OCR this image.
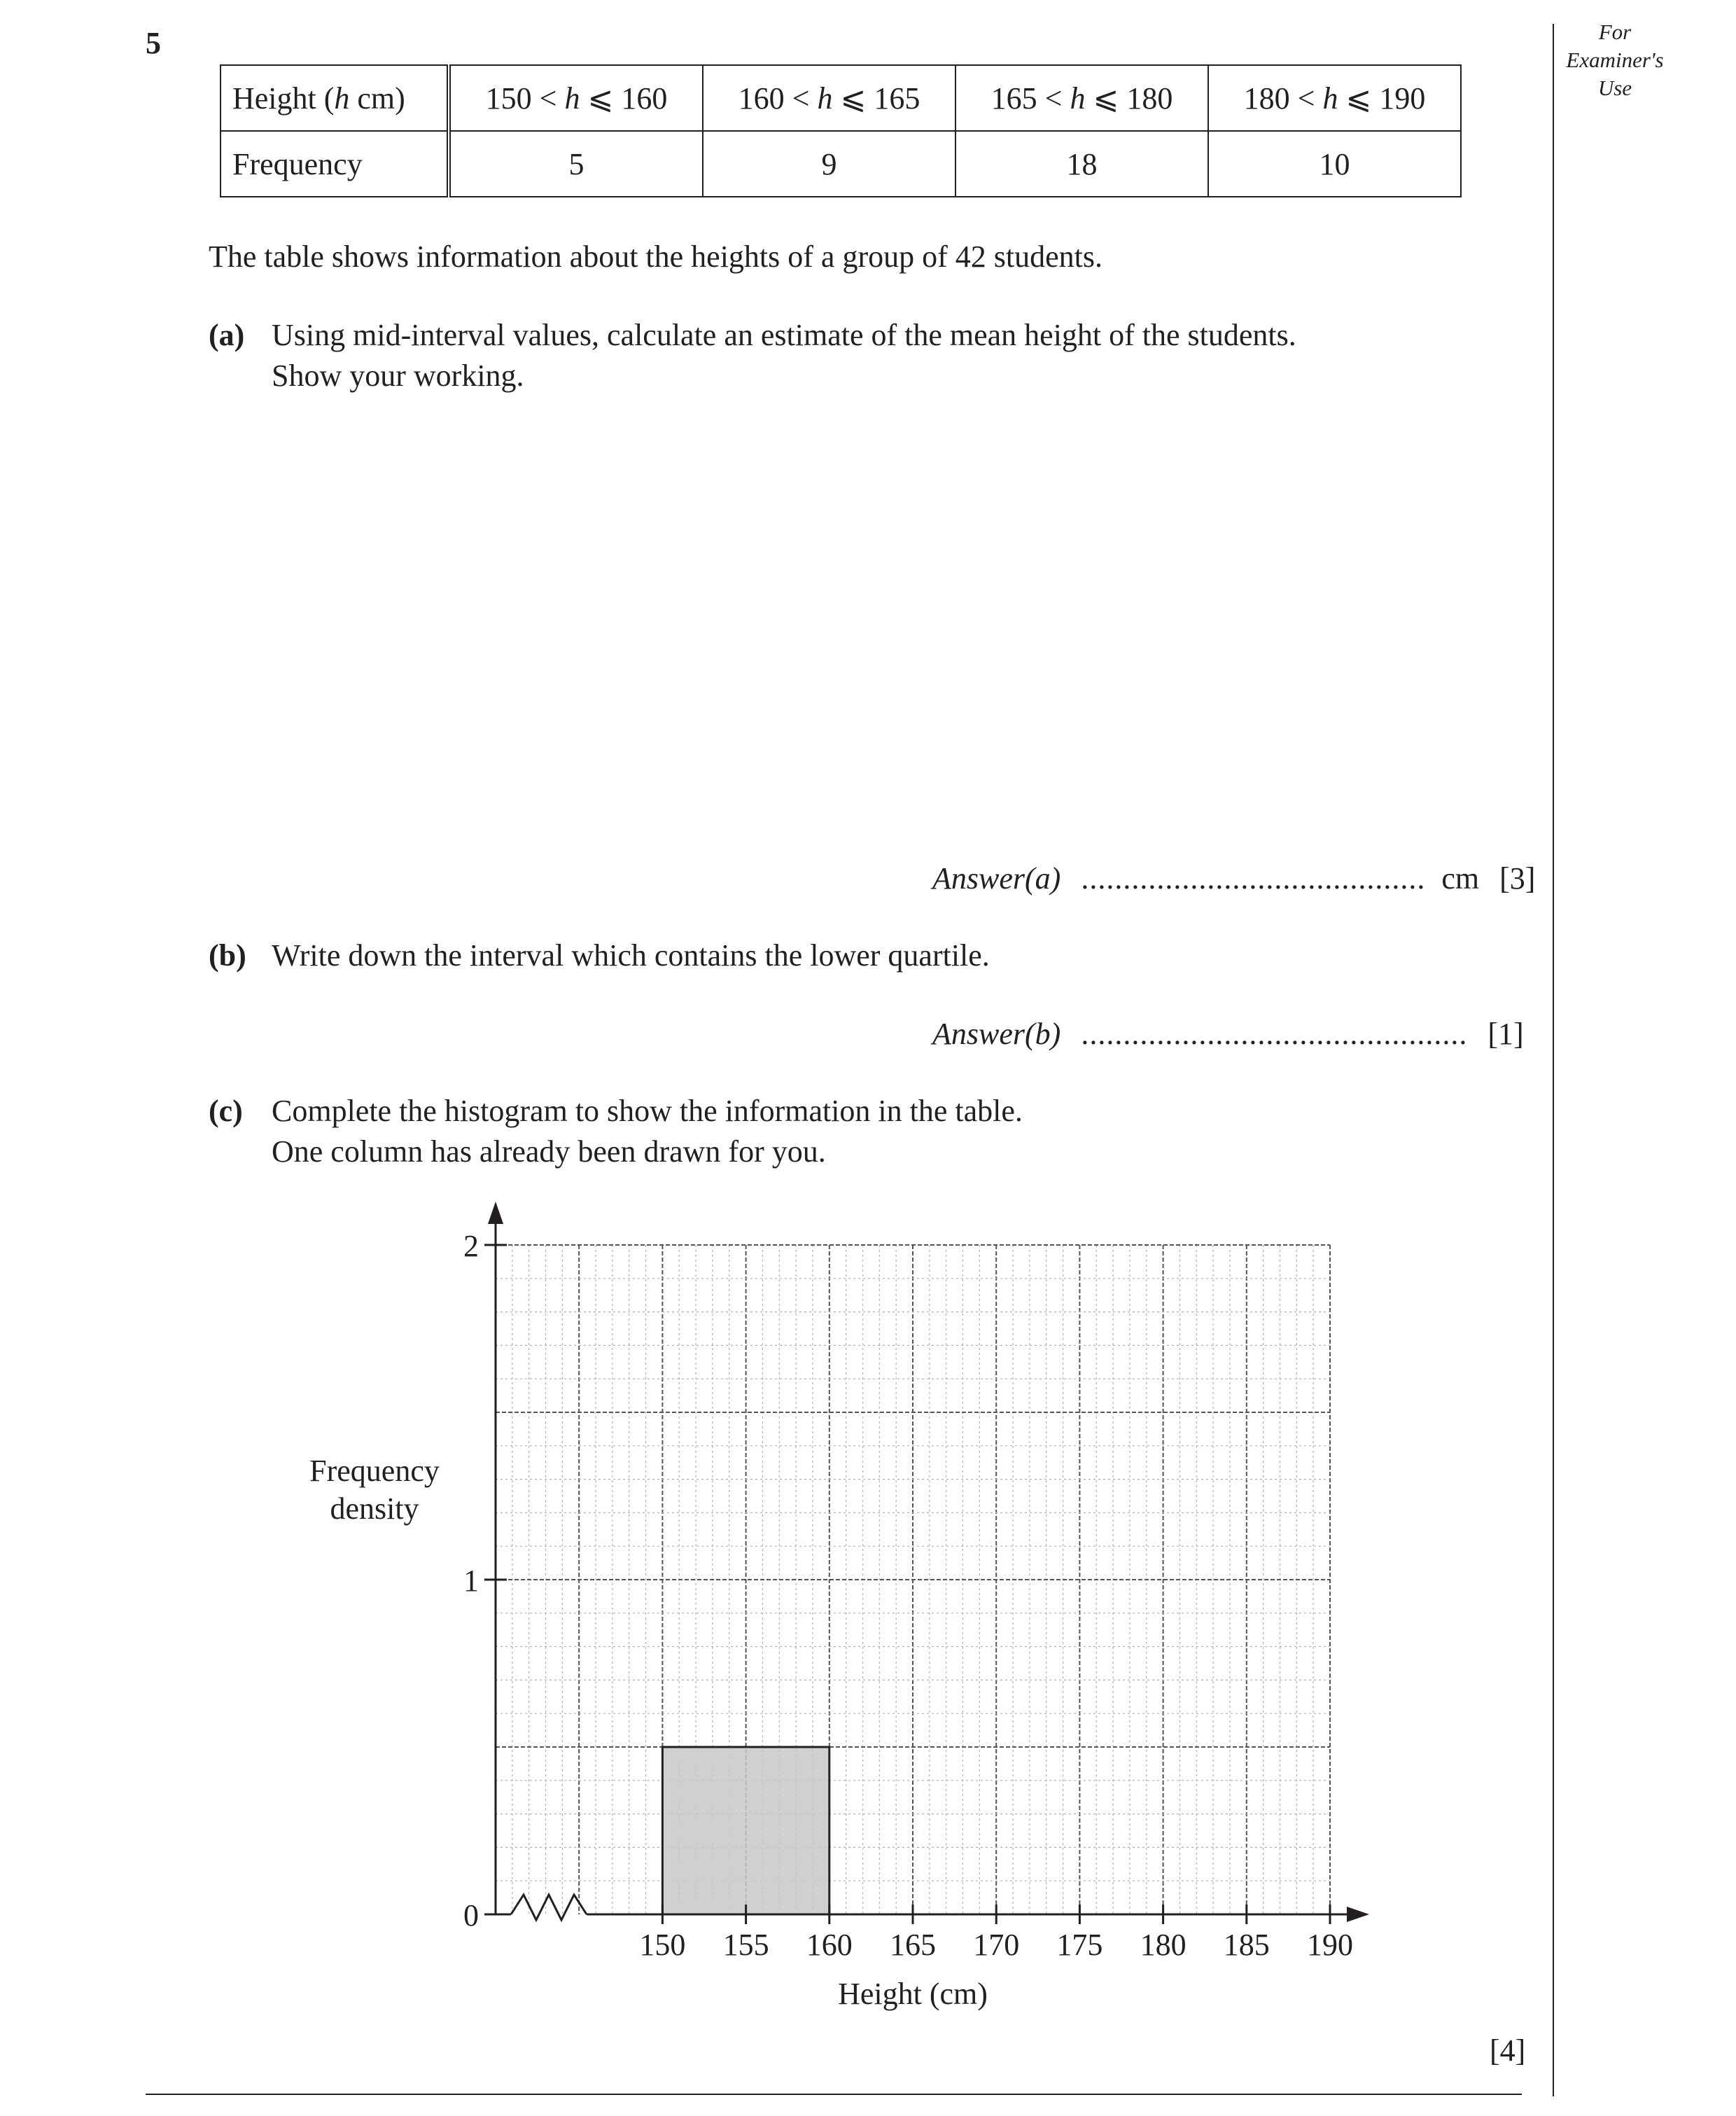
5	For
Examiner's
Use
Height (h cm)	150 < h ⩽ 160	160 < h ⩽ 165	165 < h ⩽ 180	180 < h ⩽ 190
Frequency	5	9	18	10
The table shows information about the heights of a group of 42 students.
(a) Using mid-interval values, calculate an estimate of the mean height of the students.
Show your working.
Answer(a) ......................................... cm [3]
(b) Write down the interval which contains the lower quartile.
Answer(b) .............................................. [1]
(c) Complete the histogram to show the information in the table.
One column has already been drawn for you.
Frequency
density
150 155 160 165 170 175 180 185 190
0
1
2
Height (cm)
[4]
